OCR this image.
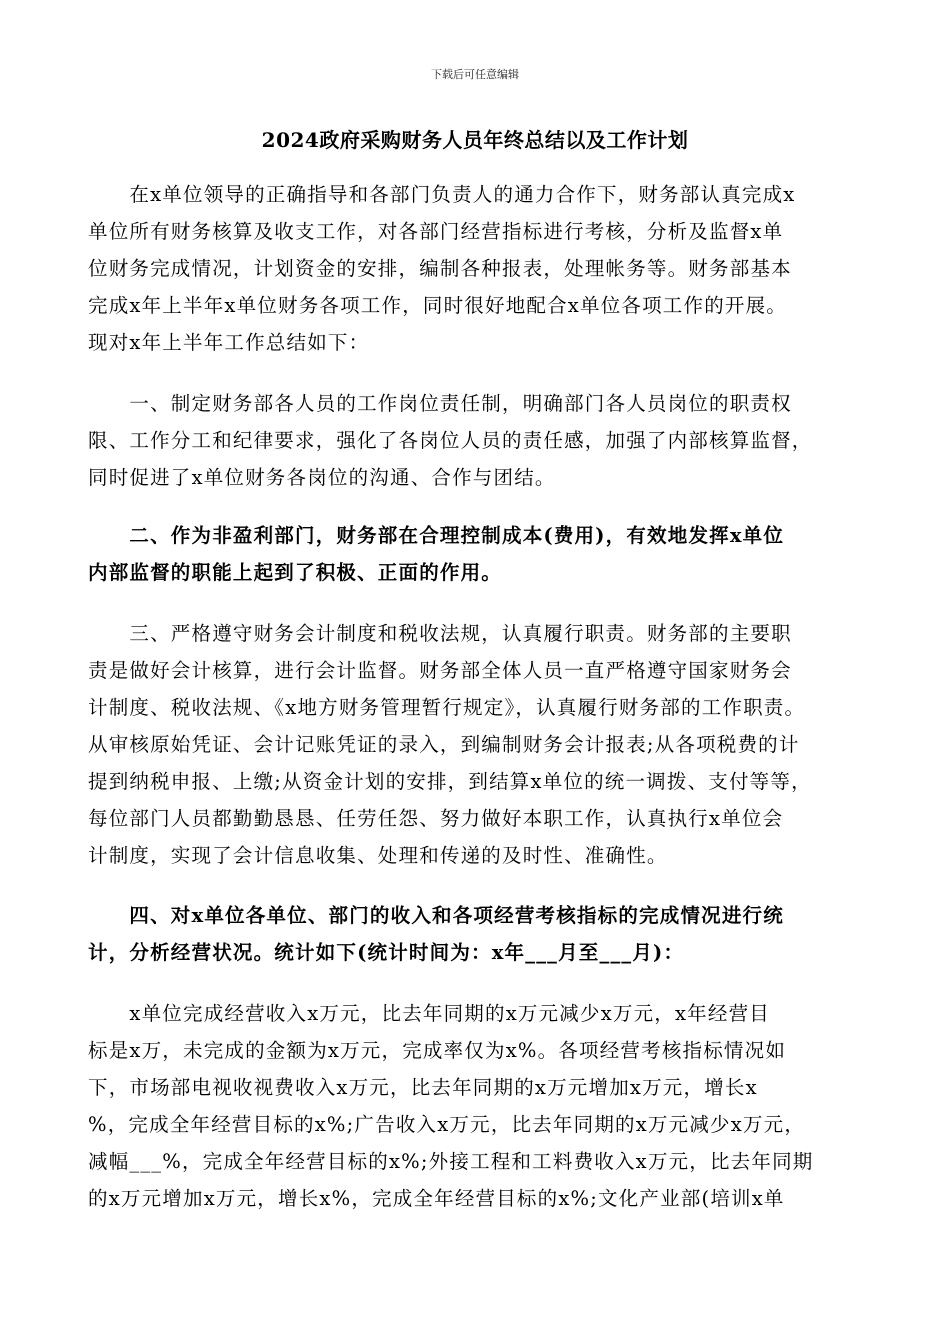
下载后可任意编辑
2024政府采购财务人员年终总结以及工作计划
　　在x单位领导的正确指导和各部门负责人的通力合作下，财务部认真完成x
单位所有财务核算及收支工作，对各部门经营指标进行考核，分析及监督x单
位财务完成情况，计划资金的安排，编制各种报表，处理帐务等。财务部基本
完成x年上半年x单位财务各项工作，同时很好地配合x单位各项工作的开展。
现对x年上半年工作总结如下：
　　一、制定财务部各人员的工作岗位责任制，明确部门各人员岗位的职责权
限、工作分工和纪律要求，强化了各岗位人员的责任感，加强了内部核算监督，
同时促进了x单位财务各岗位的沟通、合作与团结。
　　二、作为非盈利部门，财务部在合理控制成本(费用)，有效地发挥x单位
内部监督的职能上起到了积极、正面的作用。
　　三、严格遵守财务会计制度和税收法规，认真履行职责。财务部的主要职
责是做好会计核算，进行会计监督。财务部全体人员一直严格遵守国家财务会
计制度、税收法规、《x地方财务管理暂行规定》，认真履行财务部的工作职责。
从审核原始凭证、会计记账凭证的录入，到编制财务会计报表;从各项税费的计
提到纳税申报、上缴;从资金计划的安排，到结算x单位的统一调拨、支付等等，
每位部门人员都勤勤恳恳、任劳任怨、努力做好本职工作，认真执行x单位会
计制度，实现了会计信息收集、处理和传递的及时性、准确性。
　　四、对x单位各单位、部门的收入和各项经营考核指标的完成情况进行统
计，分析经营状况。统计如下(统计时间为：x年___月至___月)：
　　x单位完成经营收入x万元，比去年同期的x万元减少x万元，x年经营目
标是x万，未完成的金额为x万元，完成率仅为x%。各项经营考核指标情况如
下，市场部电视收视费收入x万元，比去年同期的x万元增加x万元，增长x
%，完成全年经营目标的x%;广告收入x万元，比去年同期的x万元减少x万元，
减幅___%，完成全年经营目标的x%;外接工程和工料费收入x万元，比去年同期
的x万元增加x万元，增长x%，完成全年经营目标的x%;文化产业部(培训x单
